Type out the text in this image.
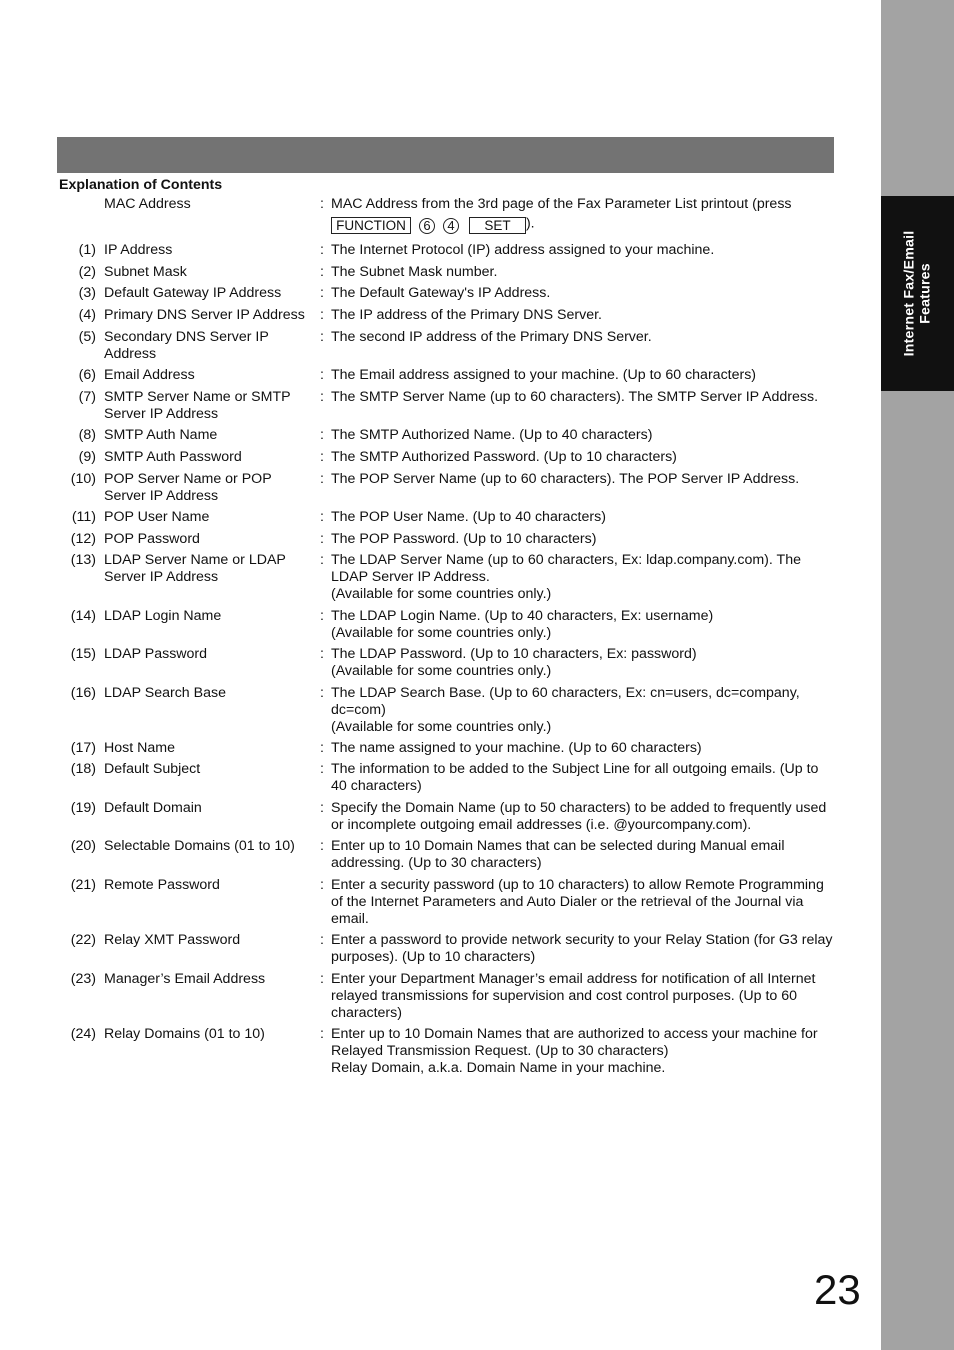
Internet Fax/Email Features
Explanation of Contents
MAC Address	: MAC Address from the 3rd page of the Fax Parameter List printout (press
FUNCTION 6 4 SET ).
(1) IP Address	: The Internet Protocol (IP) address assigned to your machine.
(2) Subnet Mask	: The Subnet Mask number.
(3) Default Gateway IP Address	: The Default Gateway's IP Address.
(4) Primary DNS Server IP Address	: The IP address of the Primary DNS Server.
(5) Secondary DNS Server IP Address
: The second IP address of the Primary DNS Server.
(6) Email Address	: The Email address assigned to your machine. (Up to 60 characters)
(7) SMTP Server Name or SMTP Server IP Address
: The SMTP Server Name (up to 60 characters). The SMTP Server IP Address.
(8) SMTP Auth Name	: The SMTP Authorized Name. (Up to 40 characters)
(9) SMTP Auth Password	: The SMTP Authorized Password. (Up to 10 characters)
(10) POP Server Name or POP Server IP Address
: The POP Server Name (up to 60 characters). The POP Server IP Address.
(11) POP User Name	: The POP User Name. (Up to 40 characters)
(12) POP Password	: The POP Password. (Up to 10 characters)
(13) LDAP Server Name or LDAP Server IP Address
: The LDAP Server Name (up to 60 characters, Ex: ldap.company.com). The LDAP Server IP Address.
(Available for some countries only.)
(14) LDAP Login Name	: The LDAP Login Name. (Up to 40 characters, Ex: username)
(Available for some countries only.)
(15) LDAP Password	: The LDAP Password. (Up to 10 characters, Ex: password)
(Available for some countries only.)
(16) LDAP Search Base	: The LDAP Search Base. (Up to 60 characters, Ex: cn=users, dc=company, dc=com)
(Available for some countries only.)
(17) Host Name	: The name assigned to your machine. (Up to 60 characters)
(18) Default Subject	: The information to be added to the Subject Line for all outgoing emails. (Up to 40 characters)
(19) Default Domain	: Specify the Domain Name (up to 50 characters) to be added to frequently used or incomplete outgoing email addresses (i.e. @yourcompany.com).
(20) Selectable Domains (01 to 10)	: Enter up to 10 Domain Names that can be selected during Manual email addressing. (Up to 30 characters)
(21) Remote Password	: Enter a security password (up to 10 characters) to allow Remote Programming of the Internet Parameters and Auto Dialer or the retrieval of the Journal via email.
(22) Relay XMT Password	: Enter a password to provide network security to your Relay Station (for G3 relay purposes). (Up to 10 characters)
(23) Manager’s Email Address	: Enter your Department Manager’s email address for notification of all Internet relayed transmissions for supervision and cost control purposes. (Up to 60 characters)
(24) Relay Domains (01 to 10)	: Enter up to 10 Domain Names that are authorized to access your machine for Relayed Transmission Request. (Up to 30 characters)
Relay Domain, a.k.a. Domain Name in your machine.
23
